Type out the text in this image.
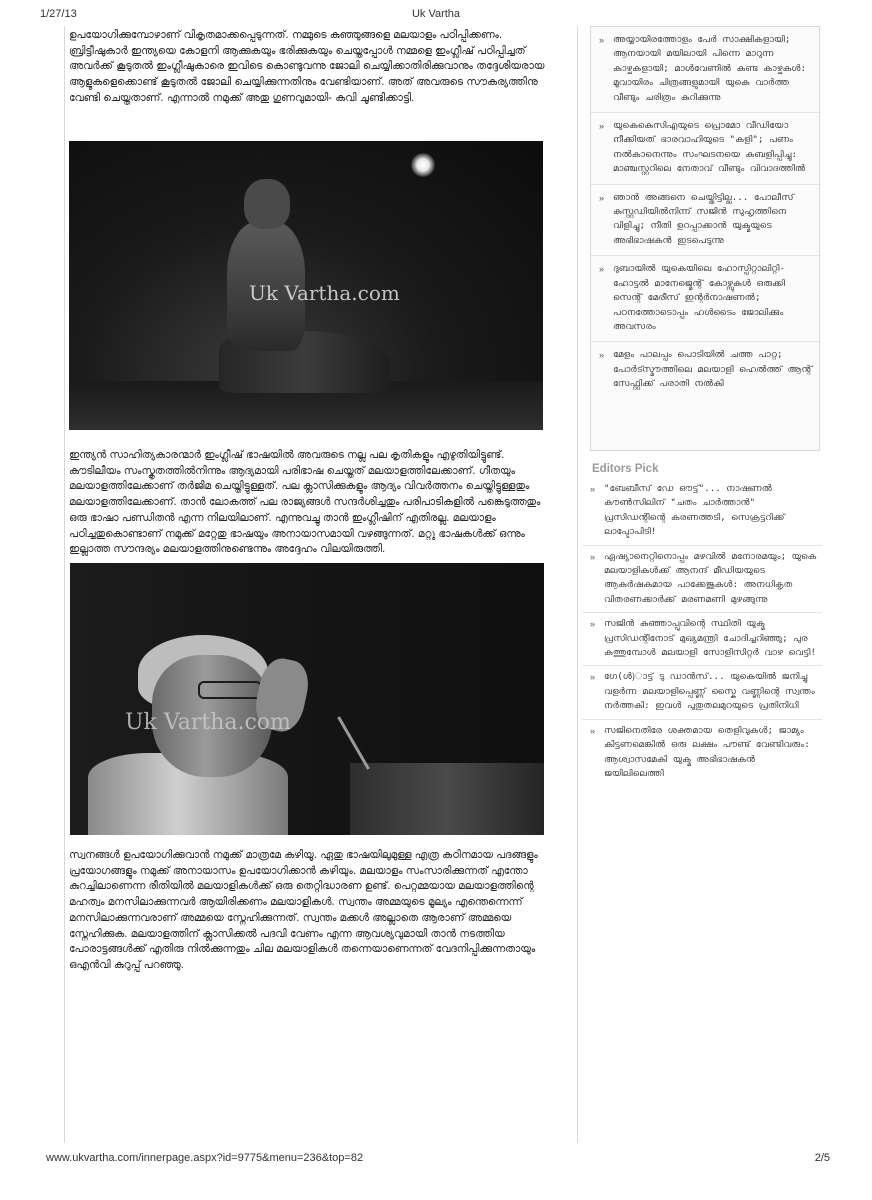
1/27/13	Uk Vartha

ഉപയോഗിക്കുമ്പോഴാണ് വികൃതമാക്കപ്പെടുന്നത്. നമ്മുടെ കുഞ്ഞുങ്ങളെ മലയാളം പഠിപ്പിക്കണം. ബ്രിട്ടീഷുകാർ ഇന്ത്യയെ കോളനി ആക്കുകയും ഭരിക്കുകയും ചെയ്തപ്പോൾ നമ്മളെ ഇംഗ്ലീഷ് പഠിപ്പിച്ചത് അവർക്ക് കൂടുതൽ ഇംഗ്ലീഷുകാരെ ഇവിടെ കൊണ്ടുവന്നു ജോലി ചെയ്യിക്കാതിരിക്കുവാനും തദ്ദേശിയരായ ആളുകളെക്കൊണ്ട് കൂടുതൽ ജോലി ചെയ്യിക്കുന്നതിനും വേണ്ടിയാണ്. അത് അവരുടെ സൗകര്യത്തിനു വേണ്ടി ചെയ്തതാണ്. എന്നാൽ നമുക്ക് അതു ഗുണവുമായി- കവി ചൂണ്ടിക്കാട്ടി.

Uk Vartha.com

ഇന്ത്യൻ സാഹിത്യകാരന്മാർ ഇംഗ്ലീഷ് ഭാഷയിൽ അവരുടെ നല്ല പല കൃതികളും എഴുതിയിട്ടുണ്ട്. കൗടിലീയം സംസ്കൃതത്തിൽനിന്നും ആദ്യമായി പരിഭാഷ ചെയ്തത് മലയാളത്തിലേക്കാണ്. ഗീതയും മലയാളത്തിലേക്കാണ് തർജിമ ചെയ്തിട്ടുള്ളത്. പല ക്ലാസിക്കുകളും ആദ്യം വിവർത്തനം ചെയ്തിട്ടുള്ളതും മലയാളത്തിലേക്കാണ്. താൻ ലോകത്ത് പല രാജ്യങ്ങൾ സന്ദർശിച്ചതും പരിപാടികളിൽ പങ്കെടുത്തതും ഒരു ഭാഷാ പണ്ഡിതൻ എന്ന നിലയിലാണ്. എന്നുവച്ചു താൻ ഇംഗ്ലീഷിന് എതിരല്ല. മലയാളം പഠിച്ചതുകൊണ്ടാണ് നമുക്ക് മറ്റേതു ഭാഷയും അനായാസമായി വഴങ്ങുന്നത്. മറ്റു ഭാഷകൾക്ക് ഒന്നും ഇല്ലാത്ത സൗന്ദര്യം മലയാളത്തിനുണ്ടെന്നും അദ്ദേഹം വിലയിരുത്തി.

Uk Vartha.com

സ്വനങ്ങൾ ഉപയോഗിക്കുവാൻ നമുക്ക് മാത്രമേ കഴിയൂ. ഏതു ഭാഷയിലുമുള്ള എത്ര കഠിനമായ പദങ്ങളും പ്രയോഗങ്ങളും നമുക്ക് അനായാസം ഉപയോഗിക്കാൻ കഴിയും. മലയാളം സംസാരിക്കുന്നത് എന്തോ കുറച്ചിലാണെന്ന രീതിയിൽ മലയാളികൾക്ക് ഒരു തെറ്റിദ്ധാരണ ഉണ്ട്. പെറ്റമ്മയായ മലയാളത്തിന്റെ മഹത്വം മനസിലാക്കുന്നവർ ആയിരിക്കണം മലയാളികൾ. സ്വന്തം അമ്മയുടെ മൂല്യം എന്തെന്നെന്ന് മനസിലാക്കുന്നവരാണ് അമ്മയെ സ്നേഹിക്കുന്നത്. സ്വന്തം മക്കൾ അല്ലാതെ ആരാണ് അമ്മയെ സ്നേഹിക്കുക. മലയാളത്തിന് ക്ലാസിക്കൽ പദവി വേണം എന്ന ആവശ്യവുമായി താൻ നടത്തിയ പോരാട്ടങ്ങൾക്ക് എതിരു നിൽക്കുന്നതും ചില മലയാളികൾ തന്നെയാണെന്നത് വേദനിപ്പിക്കുന്നതായും ഒഎൻവി കുറുപ്പ് പറഞ്ഞു.

» അയ്യായിരത്തോളം പേർ സാക്ഷികളായി; ആനയായി മയിലായി പിന്നെ മാറുന്ന കാഴ്ചകളായി; മാൾവേണിൽ കണ്ട കാഴ്ചകൾ: മൂവായിരം ചിത്രങ്ങളുമായി യുകെ വാർത്ത വീണ്ടും ചരിത്രം കുറിക്കുന്നു
» യുകെകെസിഎയുടെ പ്രൊമോ വീഡിയോ നീക്കിയത് ഭാരവാഹിയുടെ "കളി"; പണം നൽകാനെന്നും സംഘടനയെ കബളിപ്പിച്ചു: മാഞ്ചസ്റ്ററിലെ നേതാവ് വീണ്ടും വിവാദത്തിൽ
» ഞാൻ അങ്ങനെ ചെയ്തിട്ടില്ല... പോലീസ് കസ്റ്റഡിയിൽനിന്ന് സജിൻ സുഹൃത്തിനെ വിളിച്ചു; നീതി ഉറപ്പാക്കാൻ യുക്മയുടെ അഭിഭാഷകൻ ഇടപെടുന്നു
» ദുബായിൽ യുകെയിലെ ഹോസ്പിറ്റാലിറ്റി- ഹോട്ടൽ മാനേജ്മെന്റ് കോഴ്സുകൾ ഒരുക്കി സെന്റ് മേരീസ് ഇന്റർനാഷണൽ; പഠനത്തോടൊപ്പം ഹൾടൈം ജോലിക്കും അവസരം
» മേളം പാലപ്പം പൊടിയിൽ ചത്ത പാറ്റ; പോർട്സ്മൗത്തിലെ മലയാളി ഹെൽത്ത് ആന്റ് സേഫ്റ്റിക്ക് പരാതി നൽകി
Editors Pick
» "ബേബീസ് ഡേ ഔട്ട്"... നാഷണൽ കൗൺസിലിന് "ചതം ചാർത്താൻ" പ്രസിഡന്റിന്റെ കരണത്തടി, സെക്രട്ടറിക്ക് ലാപ്ടോപിടി!
» ഏഷ്യാനെറ്റിനൊപ്പം മഴവിൽ മനോരമയും; യുകെ മലയാളികൾക്ക് ആനന്ദ് മീഡിയയുടെ ആകർഷകമായ പാക്കേജുകൾ: അനധികൃത വിതരണക്കാർക്ക് മരണമണി മുഴങ്ങുന്നു
» സജിൻ കുഞ്ഞാപ്പുവിന്റെ സ്ഥിതി യുക്മ പ്രസിഡന്റിനോട് മുഖ്യമന്ത്രി ചോദിച്ചറിഞ്ഞു; പുര കത്തുമ്പോൾ മലയാളി സോളിസിറ്റർ വാഴ വെട്ടി!
» ഗേ(ൾ)ാട്ട് ടു ഡാൻസ്... യുകെയിൽ ജനിച്ചു വളർന്ന മലയാളിപ്പെണ്ണ് സ്കൈ വണ്ണിന്റെ സ്വന്തം നർത്തകി: ഇവൾ പുതുതലമുറയുടെ പ്രതിനിധി
» സജിനെതിരേ ശക്തമായ തെളിവുകൾ; ജാമ്യം കിട്ടണമെങ്കിൽ ഒരു ലക്ഷം പൗണ്ട് വേണ്ടിവരും: ആശ്വാസമേകി യുക്മ അഭിഭാഷകൻ ജയിലിലെത്തി
www.ukvartha.com/innerpage.aspx?id=9775&menu=236&top=82	2/5
